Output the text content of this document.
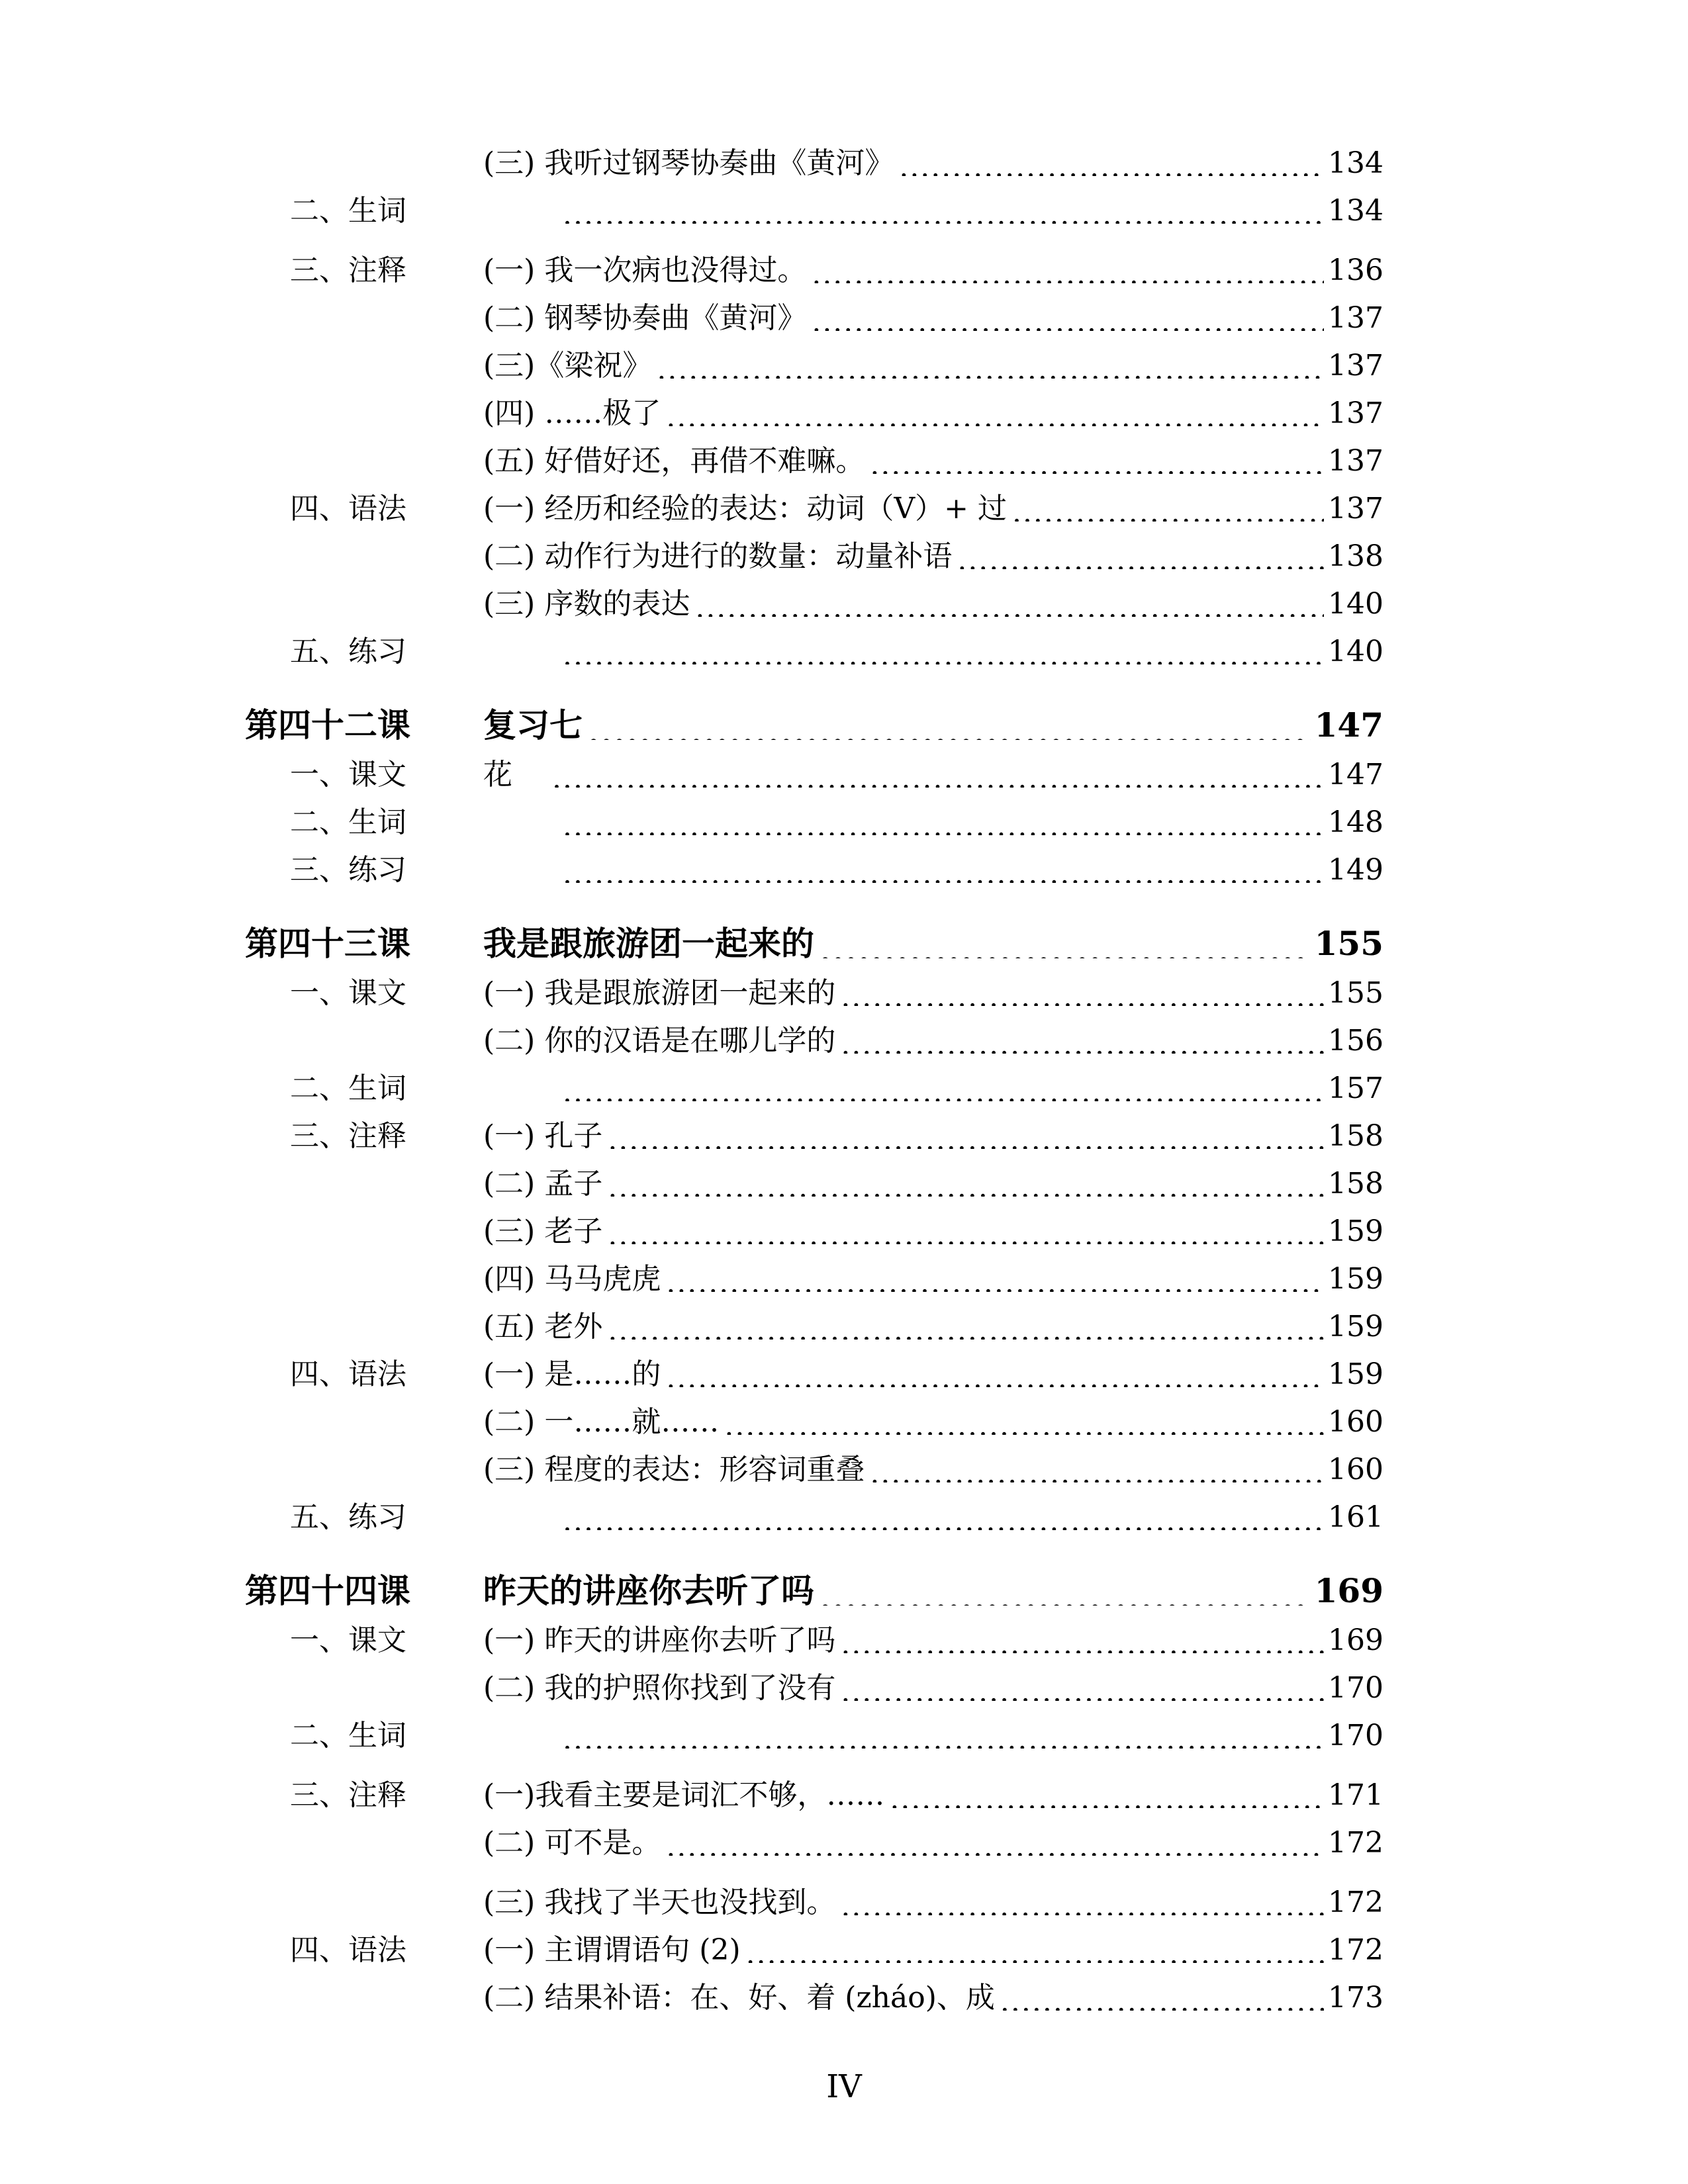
(三) 我听过钢琴协奏曲《黄河》 .....	134
二、生词 .....	134
三、注释	(一) 我一次病也没得过。 .....	136
(二) 钢琴协奏曲《黄河》 .....	137
(三)《梁祝》 .....	137
(四) ……极了 .....	137
(五) 好借好还，再借不难嘛。 .....	137
四、语法	(一) 经历和经验的表达：动词（V）+ 过 .....	137
(二) 动作行为进行的数量：动量补语 .....	138
(三) 序数的表达 .....	140
五、练习 .....	140
第四十二课	复习七 .....	147
一、课文	花 .....	147
二、生词 .....	148
三、练习 .....	149
第四十三课	我是跟旅游团一起来的 .....	155
一、课文	(一) 我是跟旅游团一起来的 .....	155
(二) 你的汉语是在哪儿学的 .....	156
二、生词 .....	157
三、注释	(一) 孔子 .....	158
(二) 孟子 .....	158
(三) 老子 .....	159
(四) 马马虎虎 .....	159
(五) 老外 .....	159
四、语法	(一) 是……的 .....	159
(二) 一……就…… .....	160
(三) 程度的表达：形容词重叠 .....	160
五、练习 .....	161
第四十四课	昨天的讲座你去听了吗 .....	169
一、课文	(一) 昨天的讲座你去听了吗 .....	169
(二) 我的护照你找到了没有 .....	170
二、生词 .....	170
三、注释	(一)我看主要是词汇不够，…… .....	171
(二) 可不是。 .....	172
(三) 我找了半天也没找到。 .....	172
四、语法	(一) 主谓谓语句 (2) .....	172
(二) 结果补语：在、好、着 (zháo)、成 .....	173
IV
